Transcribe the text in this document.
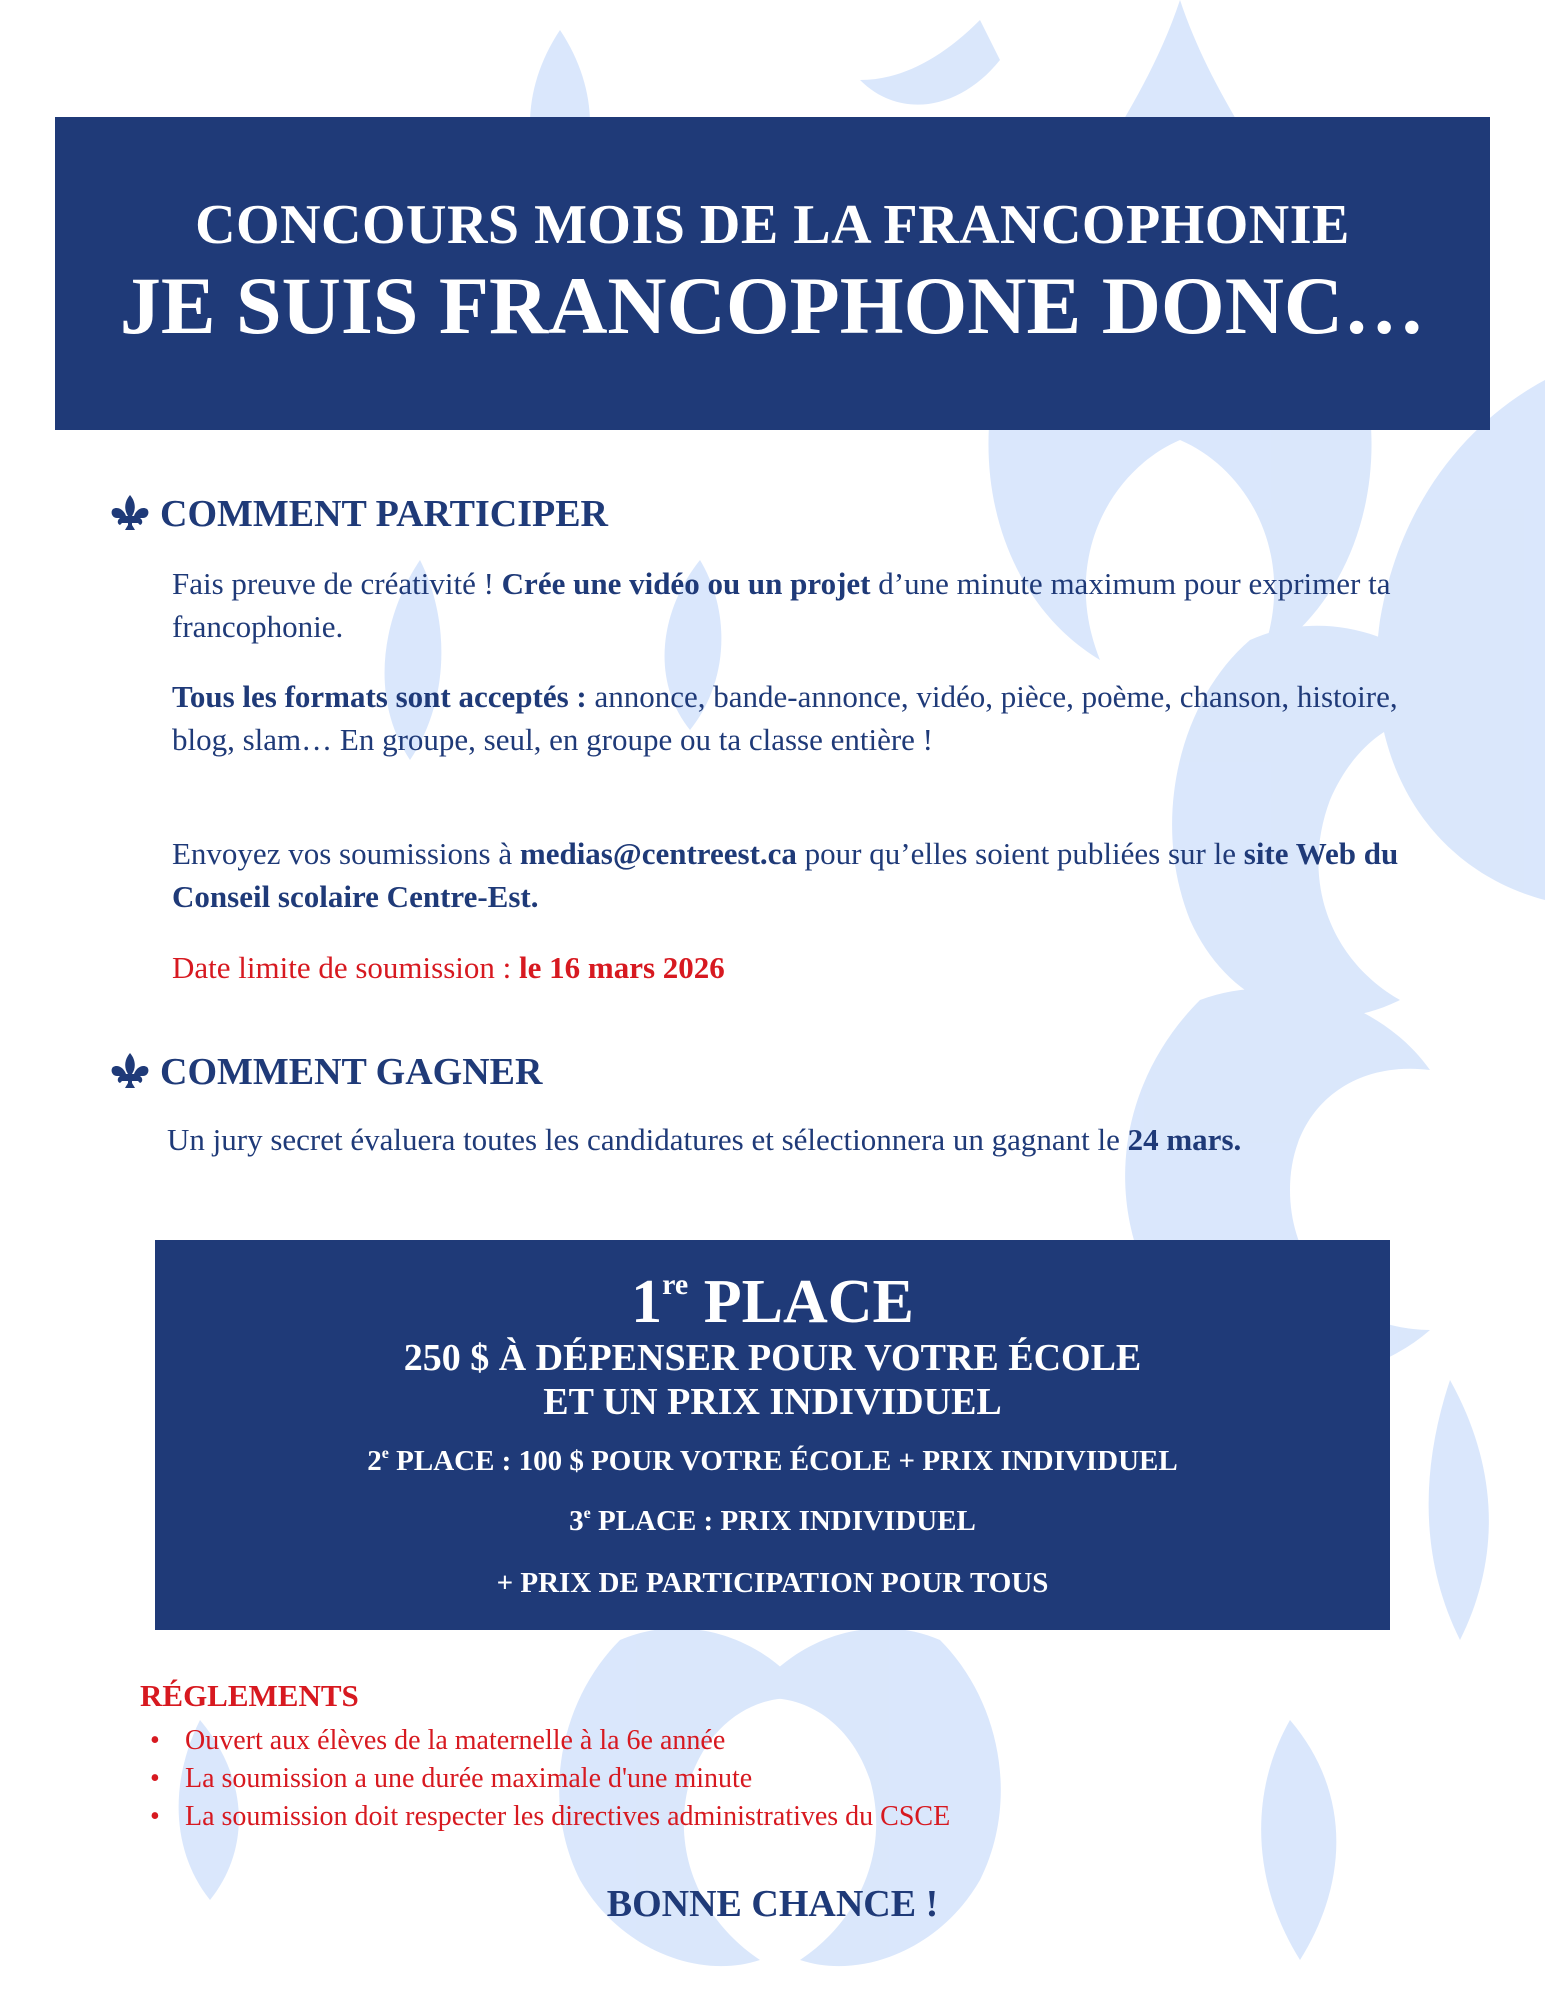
CONCOURS MOIS DE LA FRANCOPHONIE
JE SUIS FRANCOPHONE DONC…
COMMENT PARTICIPER
Fais preuve de créativité ! Crée une vidéo ou un projet d’une minute maximum pour exprimer ta francophonie.
Tous les formats sont acceptés : annonce, bande-annonce, vidéo, pièce, poème, chanson, histoire, blog, slam… En groupe, seul, en groupe ou ta classe entière !
Envoyez vos soumissions à medias@centreest.ca pour qu’elles soient publiées sur le site Web du Conseil scolaire Centre-Est.
Date limite de soumission : le 16 mars 2026
COMMENT GAGNER
Un jury secret évaluera toutes les candidatures et sélectionnera un gagnant le 24 mars.
1re PLACE
250 $ À DÉPENSER POUR VOTRE ÉCOLE
ET UN PRIX INDIVIDUEL
2e PLACE : 100 $ POUR VOTRE ÉCOLE + PRIX INDIVIDUEL
3e PLACE : PRIX INDIVIDUEL
+ PRIX DE PARTICIPATION POUR TOUS
RÉGLEMENTS
• Ouvert aux élèves de la maternelle à la 6e année
• La soumission a une durée maximale d'une minute
• La soumission doit respecter les directives administratives du CSCE
BONNE CHANCE !
